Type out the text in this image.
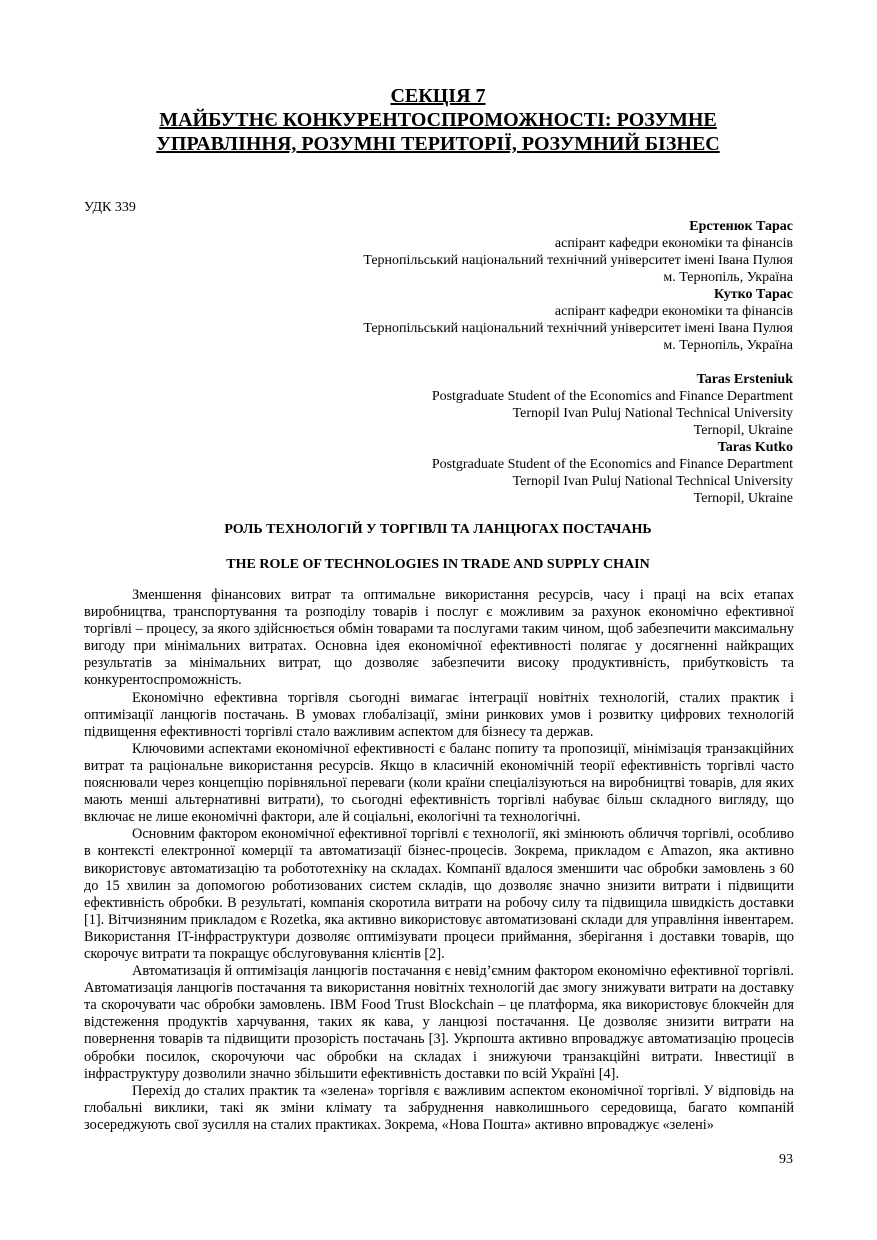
СЕКЦІЯ 7
МАЙБУТНЄ КОНКУРЕНТОСПРОМОЖНОСТІ: РОЗУМНЕ
УПРАВЛІННЯ, РОЗУМНІ ТЕРИТОРІЇ, РОЗУМНИЙ БІЗНЕС
УДК 339
Ерстенюк Тарас
аспірант кафедри економіки та фінансів
Тернопільський національний технічний університет імені Івана Пулюя
м. Тернопіль, Україна
Кутко Тарас
аспірант кафедри економіки та фінансів
Тернопільський національний технічний університет імені Івана Пулюя
м. Тернопіль, Україна
Taras Ersteniuk
Postgraduate Student of the Economics and Finance Department
Ternopil Ivan Puluj National Technical University
Ternopil, Ukraine
Taras Kutko
Postgraduate Student of the Economics and Finance Department
Ternopil Ivan Puluj National Technical University
Ternopil, Ukraine
РОЛЬ ТЕХНОЛОГІЙ У ТОРГІВЛІ ТА ЛАНЦЮГАХ ПОСТАЧАНЬ
THE ROLE OF TECHNOLOGIES IN TRADE AND SUPPLY CHAIN

Зменшення фінансових витрат та оптимальне використання ресурсів, часу і праці на всіх етапах виробництва, транспортування та розподілу товарів і послуг є можливим за рахунок економічно ефективної торгівлі – процесу, за якого здійснюється обмін товарами та послугами таким чином, щоб забезпечити максимальну вигоду при мінімальних витратах. Основна ідея економічної ефективності полягає у досягненні найкращих результатів за мінімальних витрат, що дозволяє забезпечити високу продуктивність, прибутковість та конкурентоспроможність.

Економічно ефективна торгівля сьогодні вимагає інтеграції новітніх технологій, сталих практик і оптимізації ланцюгів постачань. В умовах глобалізації, зміни ринкових умов і розвитку цифрових технологій підвищення ефективності торгівлі стало важливим аспектом для бізнесу та держав.

Ключовими аспектами економічної ефективності є баланс попиту та пропозиції, мінімізація транзакційних витрат та раціональне використання ресурсів. Якщо в класичній економічній теорії ефективність торгівлі часто пояснювали через концепцію порівняльної переваги (коли країни спеціалізуються на виробництві товарів, для яких мають менші альтернативні витрати), то сьогодні ефективність торгівлі набуває більш складного вигляду, що включає не лише економічні фактори, але й соціальні, екологічні та технологічні.

Основним фактором економічної ефективної торгівлі є технології, які змінюють обличчя торгівлі, особливо в контексті електронної комерції та автоматизації бізнес-процесів. Зокрема, прикладом є Amazon, яка активно використовує автоматизацію та робототехніку на складах. Компанії вдалося зменшити час обробки замовлень з 60 до 15 хвилин за допомогою роботизованих систем складів, що дозволяє значно знизити витрати і підвищити ефективність обробки. В результаті, компанія скоротила витрати на робочу силу та підвищила швидкість доставки [1]. Вітчизняним прикладом є Rozetka, яка активно використовує автоматизовані склади для управління інвентарем. Використання IT-інфраструктури дозволяє оптимізувати процеси приймання, зберігання і доставки товарів, що скорочує витрати та покращує обслуговування клієнтів [2].

Автоматизація й оптимізація ланцюгів постачання є невід’ємним фактором економічно ефективної торгівлі. Автоматизація ланцюгів постачання та використання новітніх технологій дає змогу знижувати витрати на доставку та скорочувати час обробки замовлень. IBM Food Trust Blockchain – це платформа, яка використовує блокчейн для відстеження продуктів харчування, таких як кава, у ланцюзі постачання. Це дозволяє знизити витрати на повернення товарів та підвищити прозорість постачань [3]. Укрпошта активно впроваджує автоматизацію процесів обробки посилок, скорочуючи час обробки на складах і знижуючи транзакційні витрати. Інвестиції в інфраструктуру дозволили значно збільшити ефективність доставки по всій Україні [4].

Перехід до сталих практик та «зелена» торгівля є важливим аспектом економічної торгівлі. У відповідь на глобальні виклики, такі як зміни клімату та забруднення навколишнього середовища, багато компаній зосереджують свої зусилля на сталих практиках. Зокрема, «Нова Пошта» активно впроваджує «зелені»

93
